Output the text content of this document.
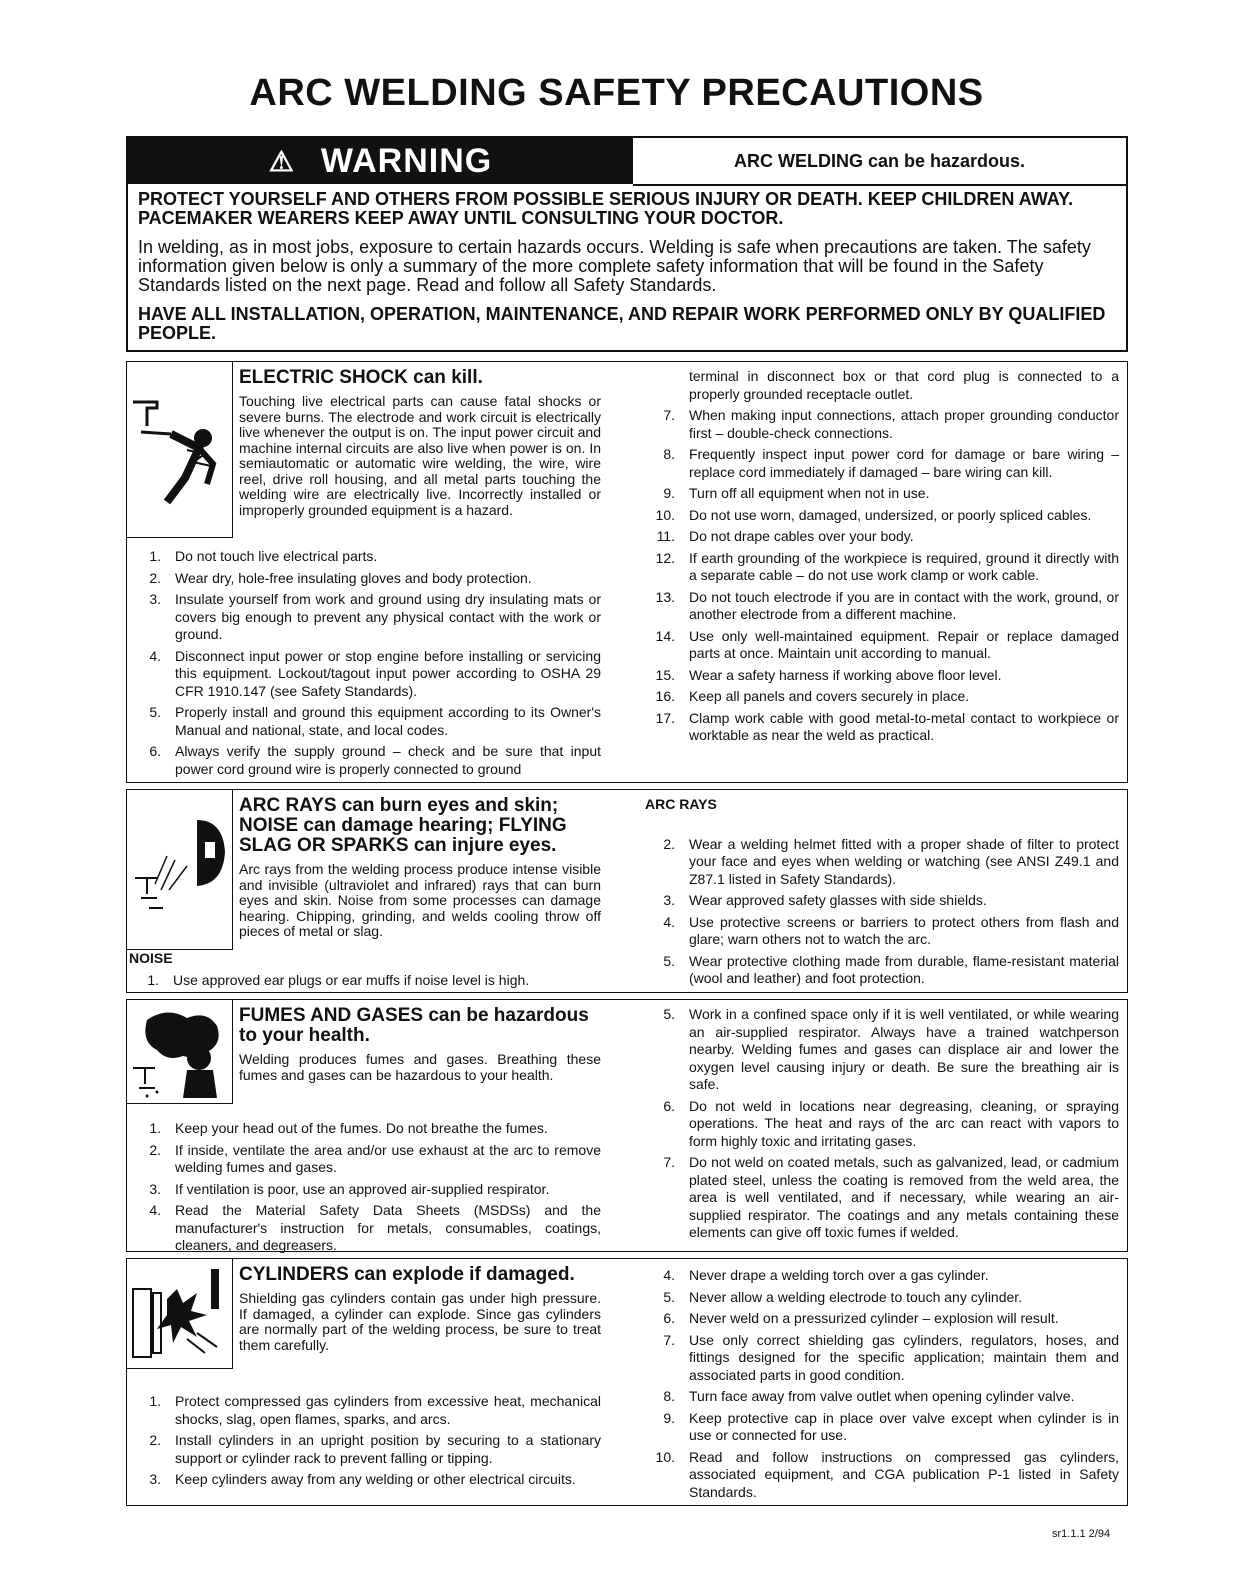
ARC WELDING SAFETY PRECAUTIONS
⚠ WARNING	ARC WELDING can be hazardous.

PROTECT YOURSELF AND OTHERS FROM POSSIBLE SERIOUS INJURY OR DEATH. KEEP CHILDREN AWAY. PACEMAKER WEARERS KEEP AWAY UNTIL CONSULTING YOUR DOCTOR.

In welding, as in most jobs, exposure to certain hazards occurs. Welding is safe when precautions are taken. The safety information given below is only a summary of the more complete safety information that will be found in the Safety Standards listed on the next page. Read and follow all Safety Standards.

HAVE ALL INSTALLATION, OPERATION, MAINTENANCE, AND REPAIR WORK PERFORMED ONLY BY QUALIFIED PEOPLE.

ELECTRIC SHOCK can kill.
Touching live electrical parts can cause fatal shocks or severe burns. The electrode and work circuit is electrically live whenever the output is on. The input power circuit and machine internal circuits are also live when power is on. In semiautomatic or automatic wire welding, the wire, wire reel, drive roll housing, and all metal parts touching the welding wire are electrically live. Incorrectly installed or improperly grounded equipment is a hazard.
1.	Do not touch live electrical parts.
2.	Wear dry, hole-free insulating gloves and body protection.
3.	Insulate yourself from work and ground using dry insulating mats or covers big enough to prevent any physical contact with the work or ground.
4.	Disconnect input power or stop engine before installing or servicing this equipment. Lockout/tagout input power according to OSHA 29 CFR 1910.147 (see Safety Standards).
5.	Properly install and ground this equipment according to its Owner's Manual and national, state, and local codes.
6.	Always verify the supply ground – check and be sure that input power cord ground wire is properly connected to ground
terminal in disconnect box or that cord plug is connected to a properly grounded receptacle outlet.
7.	When making input connections, attach proper grounding conductor first – double-check connections.
8.	Frequently inspect input power cord for damage or bare wiring – replace cord immediately if damaged – bare wiring can kill.
9.	Turn off all equipment when not in use.
10.	Do not use worn, damaged, undersized, or poorly spliced cables.
11.	Do not drape cables over your body.
12.	If earth grounding of the workpiece is required, ground it directly with a separate cable – do not use work clamp or work cable.
13.	Do not touch electrode if you are in contact with the work, ground, or another electrode from a different machine.
14.	Use only well-maintained equipment. Repair or replace damaged parts at once. Maintain unit according to manual.
15.	Wear a safety harness if working above floor level.
16.	Keep all panels and covers securely in place.
17.	Clamp work cable with good metal-to-metal contact to workpiece or worktable as near the weld as practical.
ARC RAYS can burn eyes and skin; NOISE can damage hearing; FLYING SLAG OR SPARKS can injure eyes.
Arc rays from the welding process produce intense visible and invisible (ultraviolet and infrared) rays that can burn eyes and skin. Noise from some processes can damage hearing. Chipping, grinding, and welds cooling throw off pieces of metal or slag.
NOISE
1.	Use approved ear plugs or ear muffs if noise level is high.
ARC RAYS
2.	Wear a welding helmet fitted with a proper shade of filter to protect your face and eyes when welding or watching (see ANSI Z49.1 and Z87.1 listed in Safety Standards).
3.	Wear approved safety glasses with side shields.
4.	Use protective screens or barriers to protect others from flash and glare; warn others not to watch the arc.
5.	Wear protective clothing made from durable, flame-resistant material (wool and leather) and foot protection.
FUMES AND GASES can be hazardous to your health.
Welding produces fumes and gases. Breathing these fumes and gases can be hazardous to your health.
1.	Keep your head out of the fumes. Do not breathe the fumes.
2.	If inside, ventilate the area and/or use exhaust at the arc to remove welding fumes and gases.
3.	If ventilation is poor, use an approved air-supplied respirator.
4.	Read the Material Safety Data Sheets (MSDSs) and the manufacturer's instruction for metals, consumables, coatings, cleaners, and degreasers.
5.	Work in a confined space only if it is well ventilated, or while wearing an air-supplied respirator. Always have a trained watchperson nearby. Welding fumes and gases can displace air and lower the oxygen level causing injury or death. Be sure the breathing air is safe.
6.	Do not weld in locations near degreasing, cleaning, or spraying operations. The heat and rays of the arc can react with vapors to form highly toxic and irritating gases.
7.	Do not weld on coated metals, such as galvanized, lead, or cadmium plated steel, unless the coating is removed from the weld area, the area is well ventilated, and if necessary, while wearing an air-supplied respirator. The coatings and any metals containing these elements can give off toxic fumes if welded.
CYLINDERS can explode if damaged.
Shielding gas cylinders contain gas under high pressure. If damaged, a cylinder can explode. Since gas cylinders are normally part of the welding process, be sure to treat them carefully.
1.	Protect compressed gas cylinders from excessive heat, mechanical shocks, slag, open flames, sparks, and arcs.
2.	Install cylinders in an upright position by securing to a stationary support or cylinder rack to prevent falling or tipping.
3.	Keep cylinders away from any welding or other electrical circuits.
4.	Never drape a welding torch over a gas cylinder.
5.	Never allow a welding electrode to touch any cylinder.
6.	Never weld on a pressurized cylinder – explosion will result.
7.	Use only correct shielding gas cylinders, regulators, hoses, and fittings designed for the specific application; maintain them and associated parts in good condition.
8.	Turn face away from valve outlet when opening cylinder valve.
9.	Keep protective cap in place over valve except when cylinder is in use or connected for use.
10.	Read and follow instructions on compressed gas cylinders, associated equipment, and CGA publication P-1 listed in Safety Standards.
sr1.1.1 2/94
